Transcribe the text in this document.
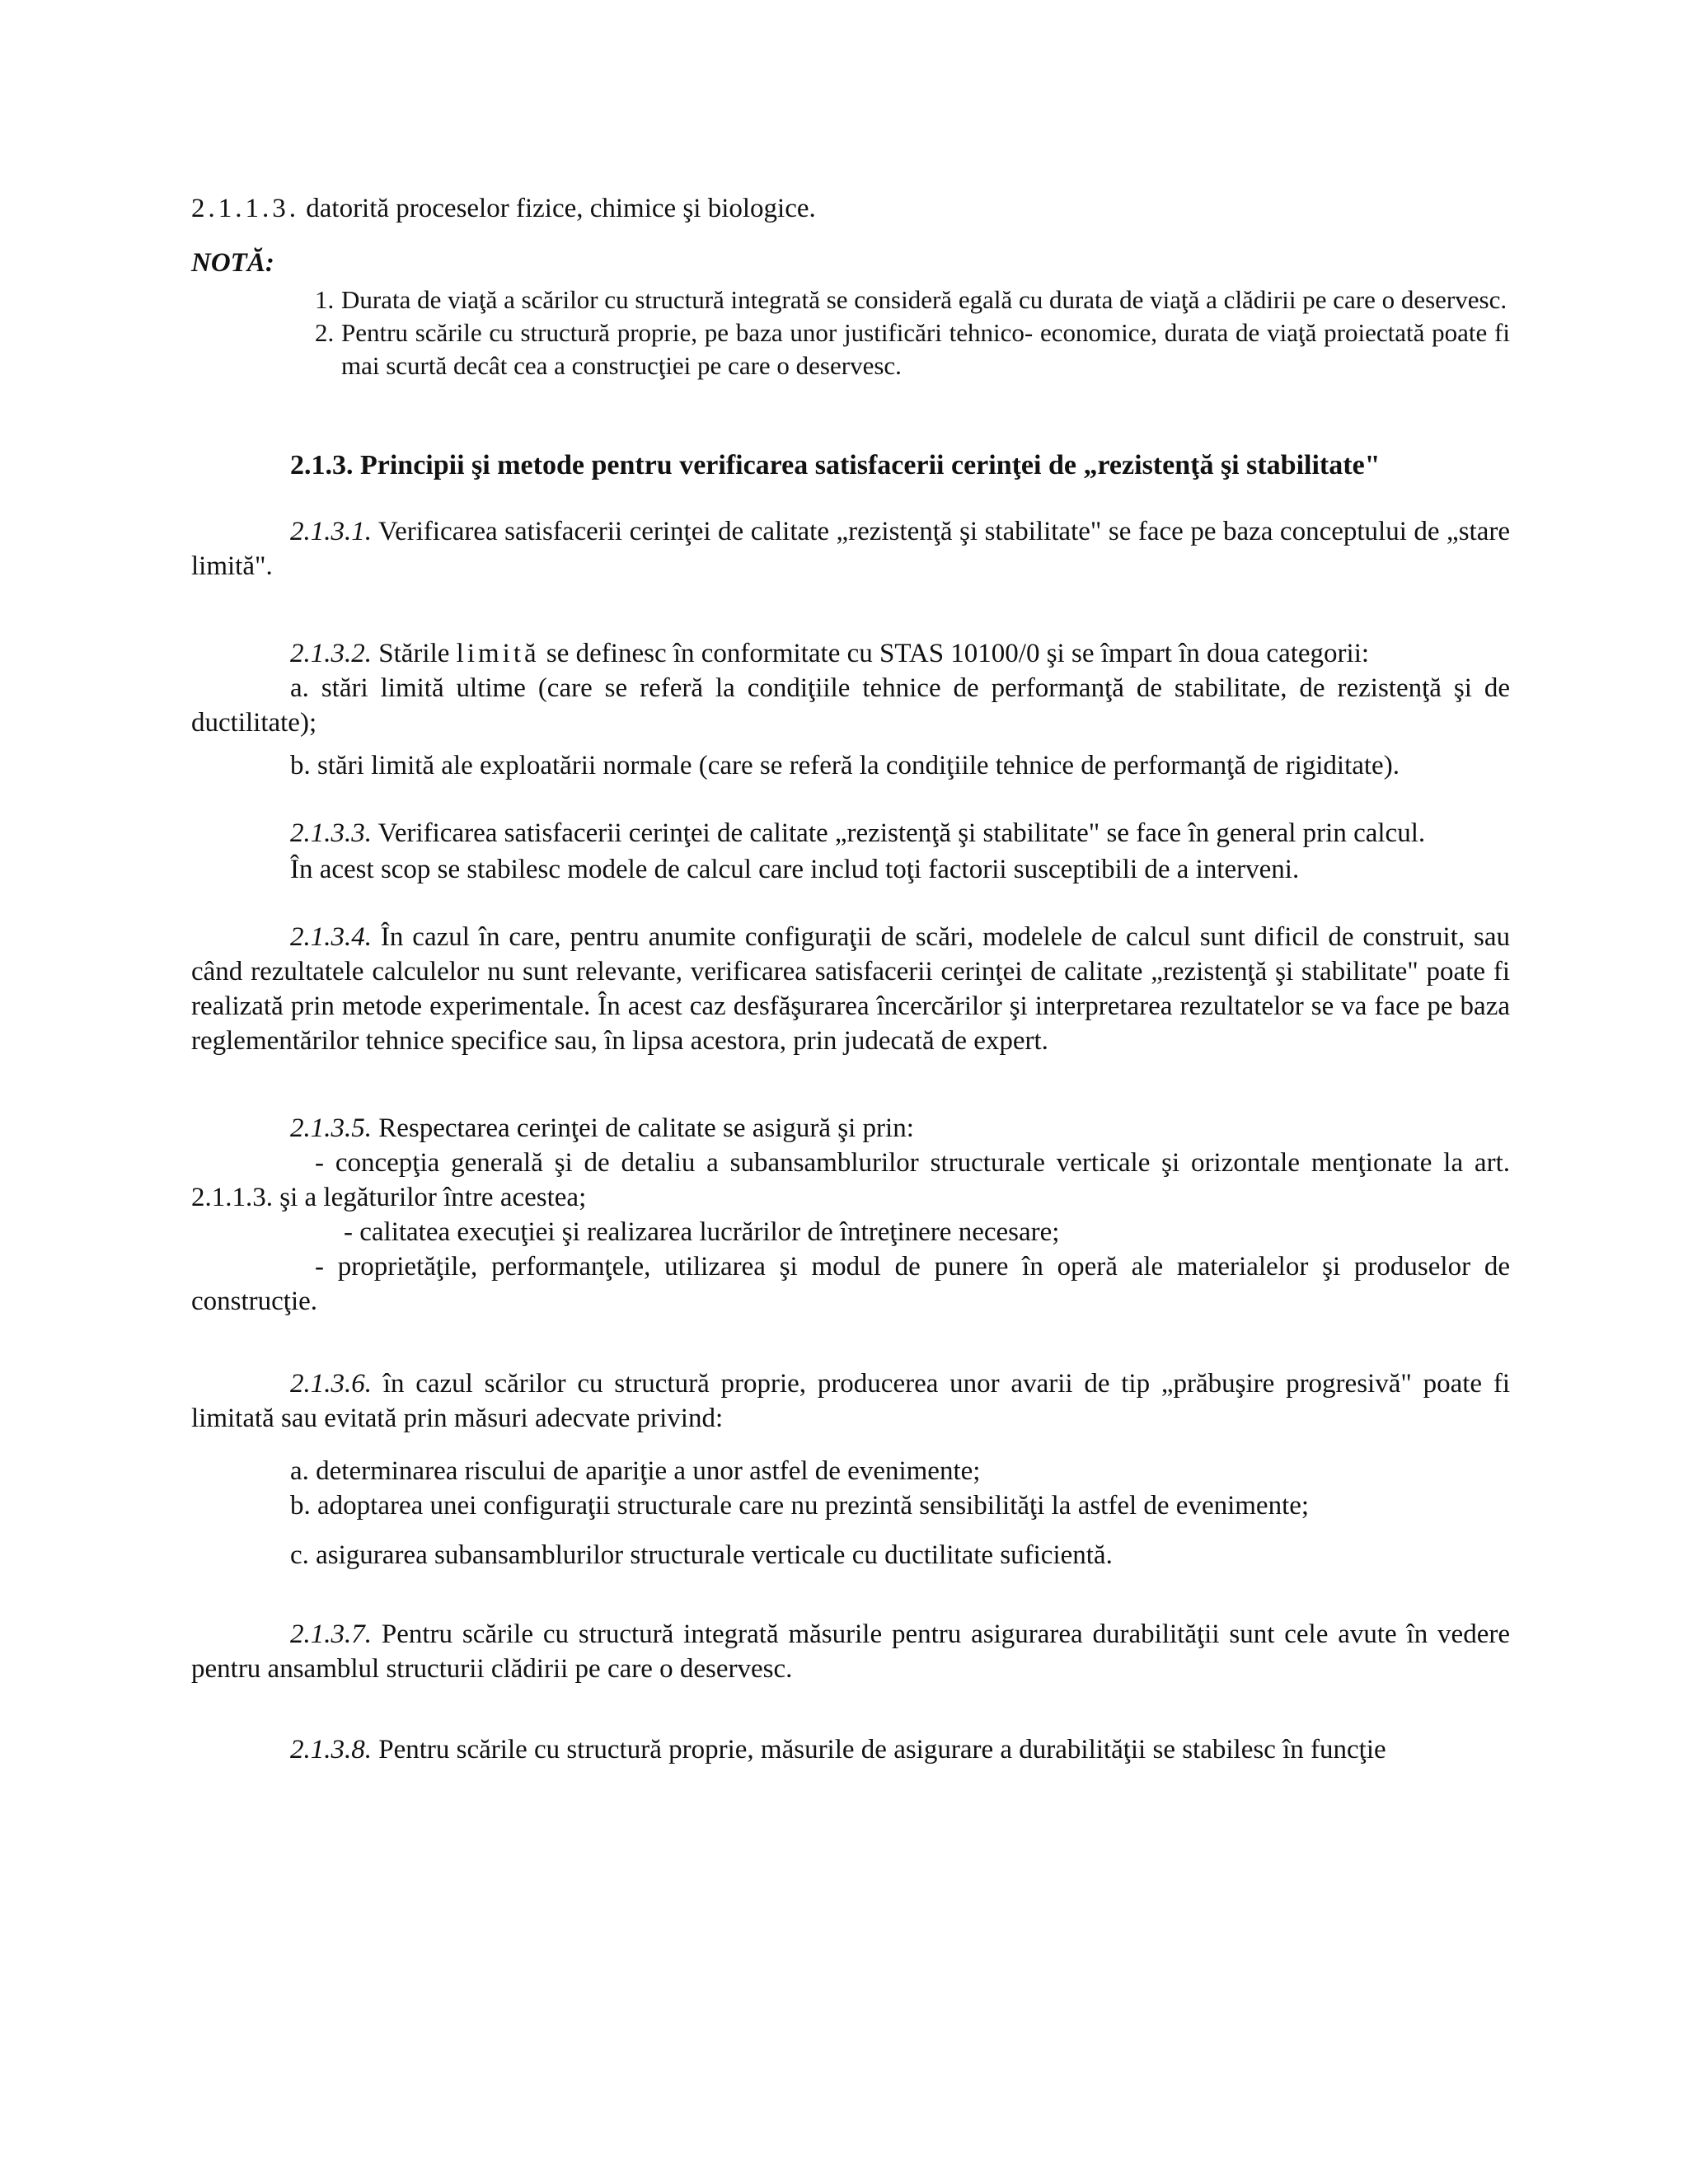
2.1.1.3. datorită proceselor fizice, chimice şi biologice.

NOTĂ:

1. Durata de viaţă a scărilor cu structură integrată se consideră egală cu durata de viaţă a clădirii pe care o deservesc.
2. Pentru scările cu structură proprie, pe baza unor justificări tehnico- economice, durata de viaţă proiectată poate fi mai scurtă decât cea a construcţiei pe care o deservesc.

2.1.3. Principii şi metode pentru verificarea satisfacerii cerinţei de „rezistenţă şi stabilitate"

2.1.3.1. Verificarea satisfacerii cerinţei de calitate „rezistenţă şi stabilitate" se face pe baza conceptului de „stare limită".

2.1.3.2. Stările limită se definesc în conformitate cu STAS 10100/0 şi se împart în doua categorii:

a. stări limită ultime (care se referă la condiţiile tehnice de performanţă de stabilitate, de rezistenţă şi de ductilitate);

b. stări limită ale exploatării normale (care se referă la condiţiile tehnice de performanţă de rigiditate).

2.1.3.3. Verificarea satisfacerii cerinţei de calitate „rezistenţă şi stabilitate" se face în general prin calcul.

În acest scop se stabilesc modele de calcul care includ toţi factorii susceptibili de a interveni.

2.1.3.4. În cazul în care, pentru anumite configuraţii de scări, modelele de calcul sunt dificil de construit, sau când rezultatele calculelor nu sunt relevante, verificarea satisfacerii cerinţei de calitate „rezistenţă şi stabilitate" poate fi realizată prin metode experimentale. În acest caz desfăşurarea încercărilor şi interpretarea rezultatelor se va face pe baza reglementărilor tehnice specifice sau, în lipsa acestora, prin judecată de expert.

2.1.3.5. Respectarea cerinţei de calitate se asigură şi prin:

- concepţia generală şi de detaliu a subansamblurilor structurale verticale şi orizontale menţionate la art. 2.1.1.3. şi a legăturilor între acestea;

- calitatea execuţiei şi realizarea lucrărilor de întreţinere necesare;

- proprietăţile, performanţele, utilizarea şi modul de punere în operă ale materialelor şi produselor de construcţie.

2.1.3.6. în cazul scărilor cu structură proprie, producerea unor avarii de tip „prăbuşire progresivă" poate fi limitată sau evitată prin măsuri adecvate privind:

a. determinarea riscului de apariţie a unor astfel de evenimente;

b. adoptarea unei configuraţii structurale care nu prezintă sensibilităţi la astfel de evenimente;

c. asigurarea subansamblurilor structurale verticale cu ductilitate suficientă.

2.1.3.7. Pentru scările cu structură integrată măsurile pentru asigurarea durabilităţii sunt cele avute în vedere pentru ansamblul structurii clădirii pe care o deservesc.

2.1.3.8. Pentru scările cu structură proprie, măsurile de asigurare a durabilităţii se stabilesc în funcţie
